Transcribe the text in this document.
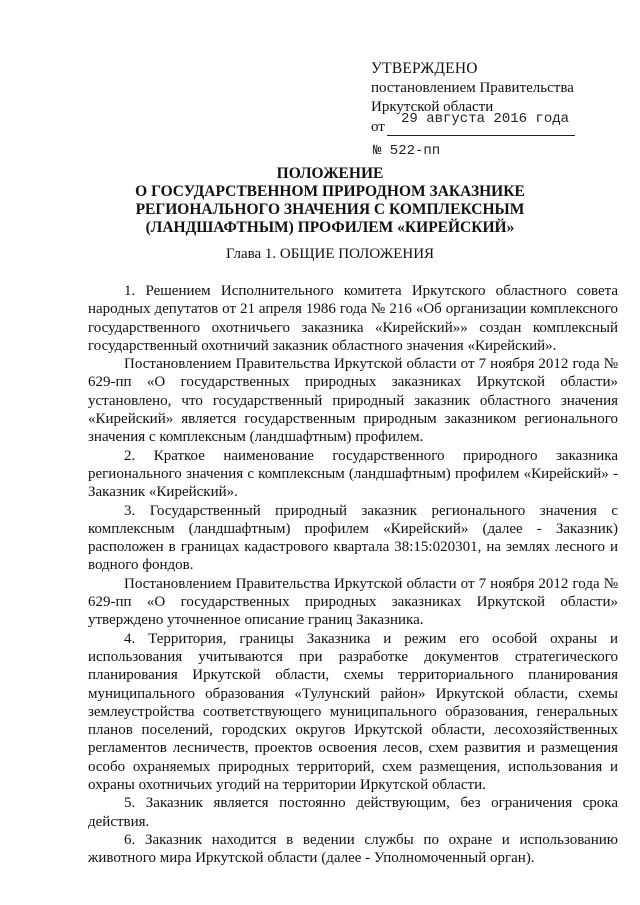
УТВЕРЖДЕНО
постановлением Правительства
Иркутской области
от 29 августа 2016 года
№ 522-пп
ПОЛОЖЕНИЕ
О ГОСУДАРСТВЕННОМ ПРИРОДНОМ ЗАКАЗНИКЕ
РЕГИОНАЛЬНОГО ЗНАЧЕНИЯ С КОМПЛЕКСНЫМ
(ЛАНДШАФТНЫМ) ПРОФИЛЕМ «КИРЕЙСКИЙ»
Глава 1. ОБЩИЕ ПОЛОЖЕНИЯ

1. Решением Исполнительного комитета Иркутского областного совета народных депутатов от 21 апреля 1986 года № 216 «Об организации комплексного государственного охотничьего заказника «Кирейский»» создан комплексный государственный охотничий заказник областного значения «Кирейский».

Постановлением Правительства Иркутской области от 7 ноября 2012 года № 629-пп «О государственных природных заказниках Иркутской области» установлено, что государственный природный заказник областного значения «Кирейский» является государственным природным заказником регионального значения с комплексным (ландшафтным) профилем.

2. Краткое наименование государственного природного заказника регионального значения с комплексным (ландшафтным) профилем «Кирейский» - Заказник «Кирейский».

3. Государственный природный заказник регионального значения с комплексным (ландшафтным) профилем «Кирейский» (далее - Заказник) расположен в границах кадастрового квартала 38:15:020301, на землях лесного и водного фондов.

Постановлением Правительства Иркутской области от 7 ноября 2012 года № 629-пп «О государственных природных заказниках Иркутской области» утверждено уточненное описание границ Заказника.

4. Территория, границы Заказника и режим его особой охраны и использования учитываются при разработке документов стратегического планирования Иркутской области, схемы территориального планирования муниципального образования «Тулунский район» Иркутской области, схемы землеустройства соответствующего муниципального образования, генеральных планов поселений, городских округов Иркутской области, лесохозяйственных регламентов лесничеств, проектов освоения лесов, схем развития и размещения особо охраняемых природных территорий, схем размещения, использования и охраны охотничьих угодий на территории Иркутской области.

5. Заказник является постоянно действующим, без ограничения срока действия.

6. Заказник находится в ведении службы по охране и использованию животного мира Иркутской области (далее - Уполномоченный орган).
